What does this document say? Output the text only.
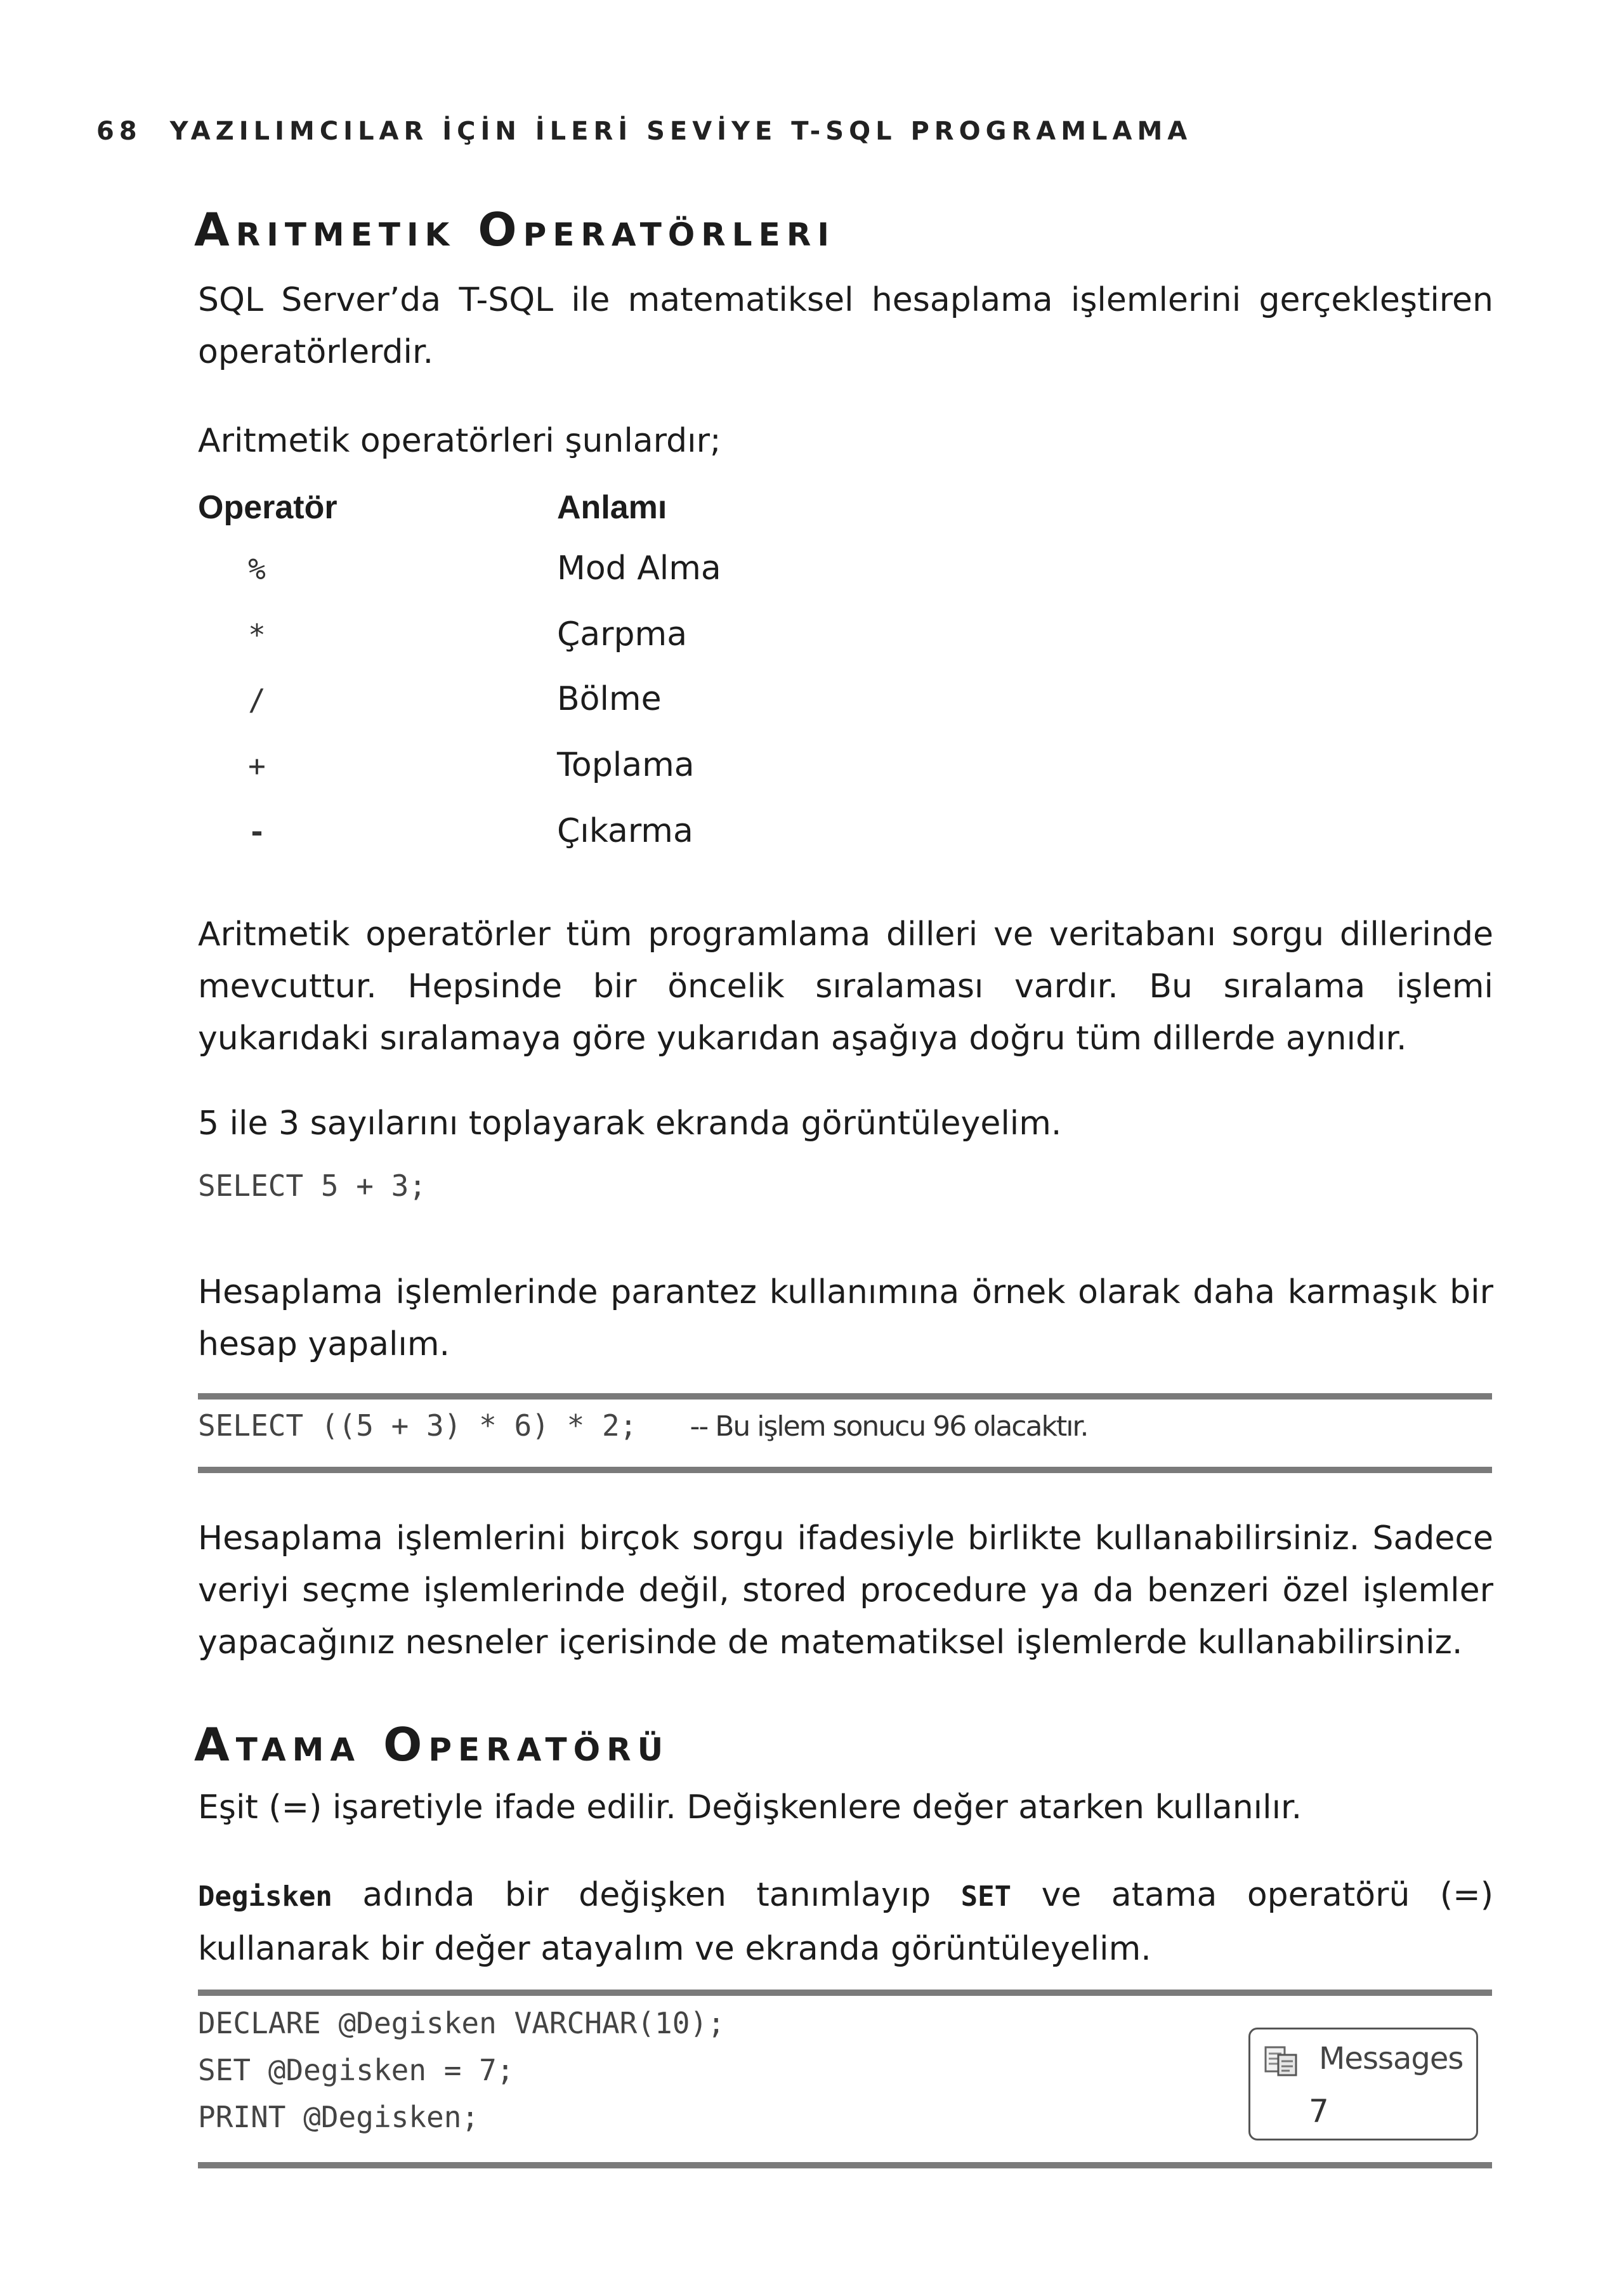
68 YAZILIMCILAR İÇİN İLERİ SEVİYE T-SQL PROGRAMLAMA
Aritmetik Operatörleri

SQL Server’da T-SQL ile matematiksel hesaplama işlemlerini gerçekleştiren operatörlerdir.

Aritmetik operatörleri şunlardır;

Operatör	Anlamı
%	Mod Alma
*	Çarpma
/	Bölme
+	Toplama
-	Çıkarma

Aritmetik operatörler tüm programlama dilleri ve veritabanı sorgu dillerinde mevcuttur. Hepsinde bir öncelik sıralaması vardır. Bu sıralama işlemi yukarıdaki sıralamaya göre yukarıdan aşağıya doğru tüm dillerde aynıdır.

5 ile 3 sayılarını toplayarak ekranda görüntüleyelim.

SELECT 5 + 3;

Hesaplama işlemlerinde parantez kullanımına örnek olarak daha karmaşık bir hesap yapalım.

SELECT ((5 + 3) * 6) * 2; -- Bu işlem sonucu 96 olacaktır.

Hesaplama işlemlerini birçok sorgu ifadesiyle birlikte kullanabilirsiniz. Sadece veriyi seçme işlemlerinde değil, stored procedure ya da benzeri özel işlemler yapacağınız nesneler içerisinde de matematiksel işlemlerde kullanabilirsiniz.

Atama Operatörü

Eşit (=) işaretiyle ifade edilir. Değişkenlere değer atarken kullanılır.

Degisken adında bir değişken tanımlayıp SET ve atama operatörü (=) kullanarak bir değer atayalım ve ekranda görüntüleyelim.

DECLARE @Degisken VARCHAR(10);
SET @Degisken = 7;
PRINT @Degisken;
Messages
7
